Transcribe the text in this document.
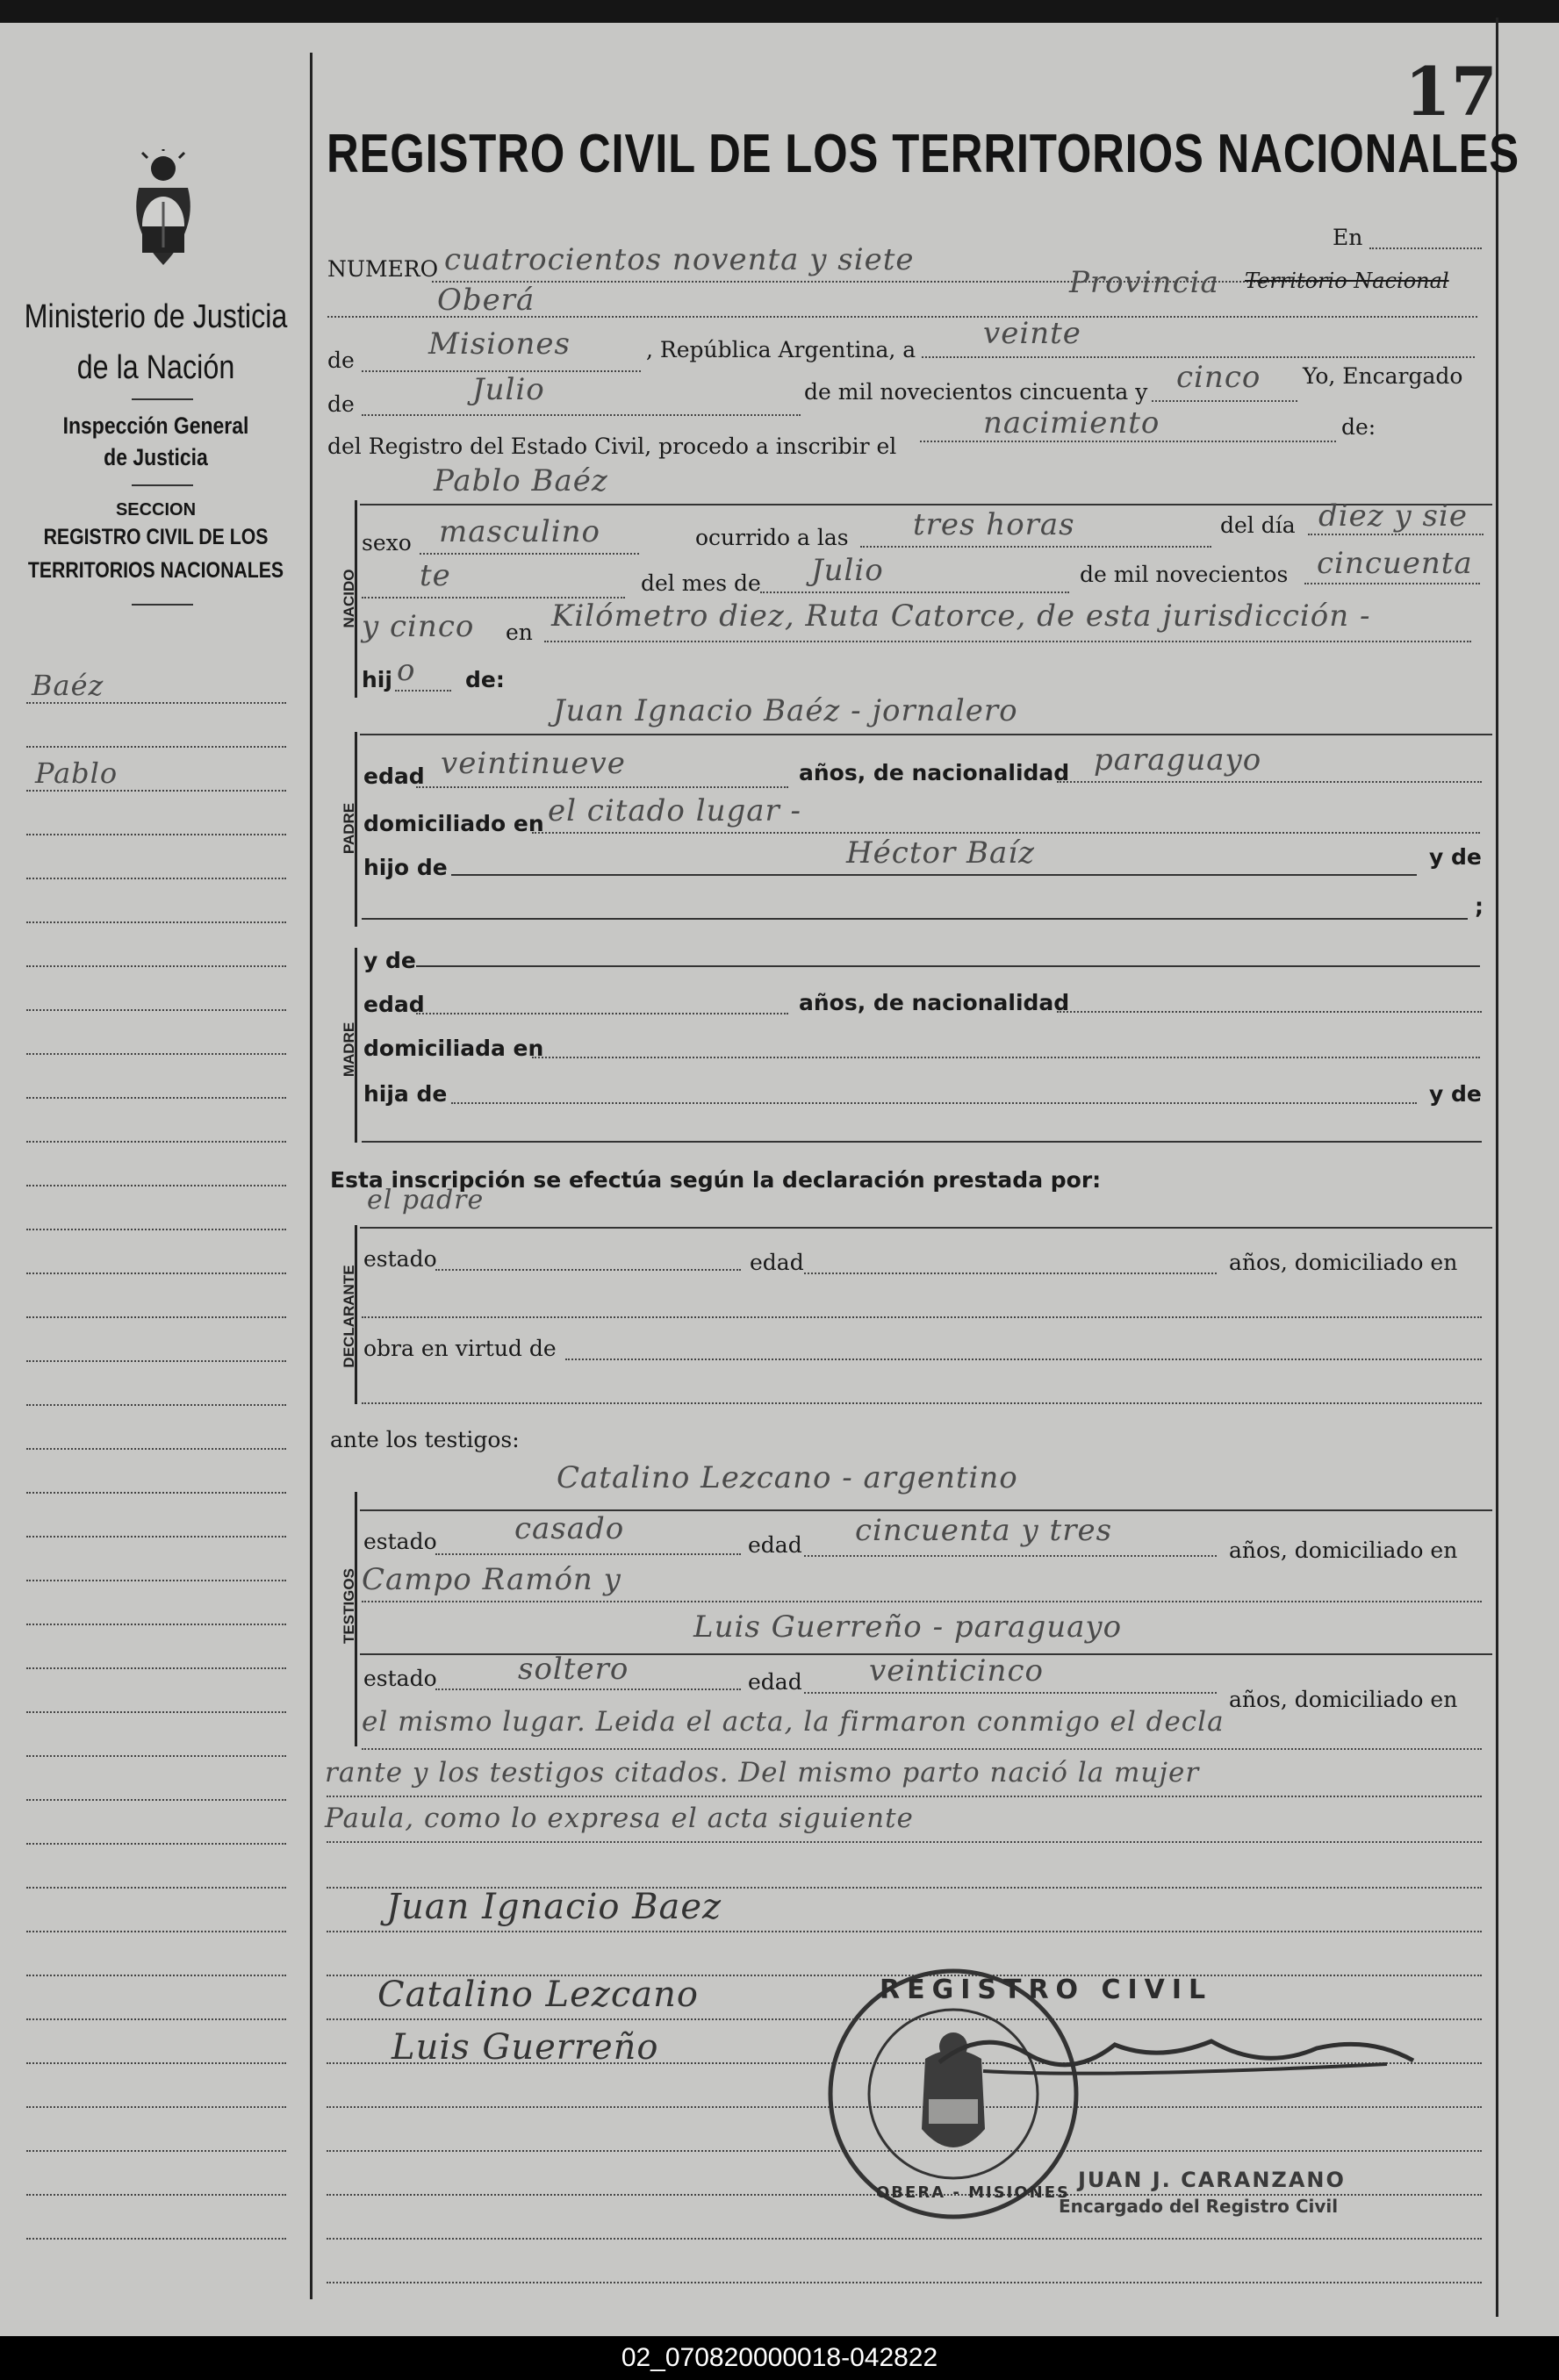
17
REGISTRO CIVIL DE LOS TERRITORIOS NACIONALES
Ministerio de Justicia
de la Nación
Inspección General
de Justicia
SECCION
REGISTRO CIVIL DE LOS
TERRITORIOS NACIONALES
Baéz
Pablo
NUMERO cuatrocientos noventa y siete
En
Oberá	Provincia Territorio Nacional
de Misiones	, República Argentina, a veinte
de	Julio	de mil novecientos cincuenta y cinco Yo, Encargado
del Registro del Estado Civil, procedo a inscribir el
nacimiento	de:
NACIDO
Pablo Baéz
sexo masculino	ocurrido a las tres horas	del día diez y sie
te	del mes de Julio	de mil novecientos cincuenta
y cinco en Kilómetro diez, Ruta Catorce, de esta jurisdicción -
hij o de:
PADRE
Juan Ignacio Baéz - jornalero
edad veintinueve	años, de nacionalidad paraguayo
domiciliado en el citado lugar -
hijo de	Héctor Baíz	y de
;
MADRE
y de
edad	años, de nacionalidad
domiciliada en
hija de	y de
Esta inscripción se efectúa según la declaración prestada por:
DECLARANTE
el padre
estado	edad	años, domiciliado en
obra en virtud de
ante los testigos:
TESTIGOS
Catalino Lezcano - argentino
estado	casado	edad cincuenta y tres
años, domiciliado en
Campo Ramón y
Luis Guerreño - paraguayo
estado	soltero	edad veinticinco
años, domiciliado en
el mismo lugar. Leida el acta, la firmaron conmigo el decla
rante y los testigos citados. Del mismo parto nació la mujer
Paula, como lo expresa el acta siguiente
Juan Ignacio Baez
Catalino Lezcano
Luis Guerreño
REGISTRO CIVIL
OBERA - MISIONES
JUAN J. CARANZANO
Encargado del Registro Civil
02_070820000018-042822
